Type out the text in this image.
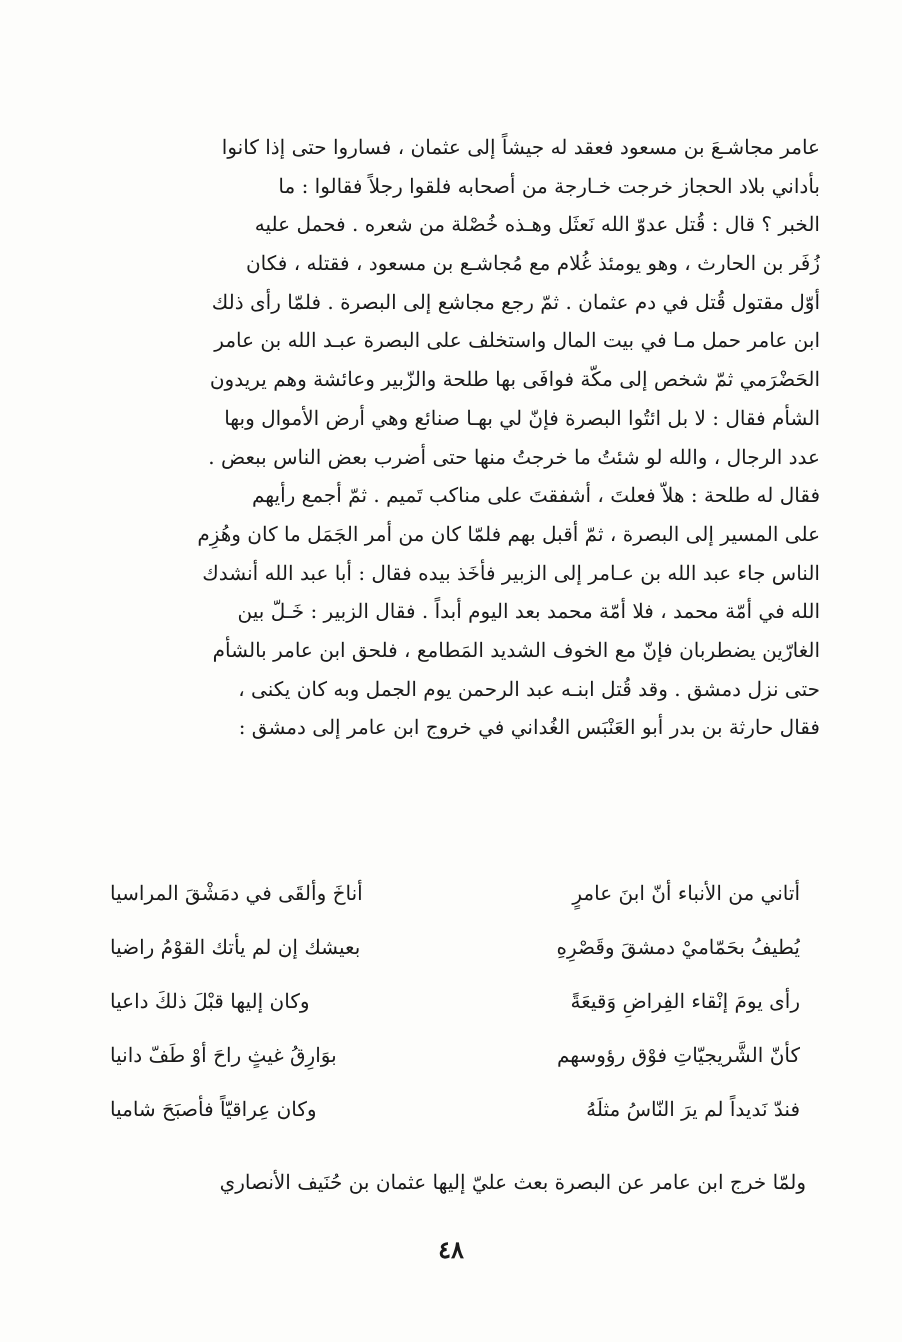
عامر مجاشـعَ بن مسعود فعقد له جيشاً إلى عثمان ، فساروا حتى إذا كانوا
بأداني بلاد الحجاز خرجت خـارجة من أصحابه فلقوا رجلاً فقالوا : ما
الخبر ؟ قال : قُتل عدوّ الله نَعثَل وهـذه خُصْلة من شعره . فحمل عليه
زُفَر بن الحارث ، وهو يومئذ غُلام مع مُجاشـع بن مسعود ، فقتله ، فكان
أوّل مقتول قُتل في دم عثمان . ثمّ رجع مجاشع إلى البصرة . فلمّا رأى ذلك
ابن عامر حمل مـا في بيت المال واستخلف على البصرة عبـد الله بن عامر
الحَضْرَمي ثمّ شخص إلى مكّة فوافَى بها طلحة والزّبير وعائشة وهم يريدون
الشأم فقال : لا بل ائتُوا البصرة فإنّ لي بهـا صنائع وهي أرض الأموال وبها
عدد الرجال ، والله لو شئتُ ما خرجتُ منها حتى أضرب بعض الناس ببعض .
فقال له طلحة : هلاّ فعلتَ ، أشفقتَ على مناكب تَميم . ثمّ أجمع رأيهم
على المسير إلى البصرة ، ثمّ أقبل بهم فلمّا كان من أمر الجَمَل ما كان وهُزِم
الناس جاء عبد الله بن عـامر إلى الزبير فأخَذ بيده فقال : أبا عبد الله أنشدك
الله في أمّة محمد ، فلا أمّة محمد بعد اليوم أبداً . فقال الزبير : خَـلّ بين
الغارّين يضطربان فإنّ مع الخوف الشديد المَطامع ، فلحق ابن عامر بالشأم
حتى نزل دمشق . وقد قُتل ابنـه عبد الرحمن يوم الجمل وبه كان يكنى ،
فقال حارثة بن بدر أبو العَنْبَس الغُداني في خروج ابن عامر إلى دمشق :
أتاني من الأنباء أنّ ابنَ عامرٍ
أناخَ وألقَى في دمَشْقَ المراسيا
يُطيفُ بحَمّاميْ دمشقَ وقَصْرِهِ
بعيشك إن لم يأتك القوْمُ راضيا
رأى يومَ إنْقاء الفِراضِ وَقيعَةً
وكان إليها قبْلَ ذلكَ داعيا
كأنّ الشَّريجيّاتِ فوْق رؤوسهم
بوَارِقُ غيثٍ راحَ أوْ طَفّ دانيا
فندّ نَديداً لم يرَ النّاسُ مثلَهُ
وكان عِراقيّاً فأصبَحَ شاميا
ولمّا خرج ابن عامر عن البصرة بعث عليّ إليها عثمان بن حُنَيف الأنصاري
٤٨
